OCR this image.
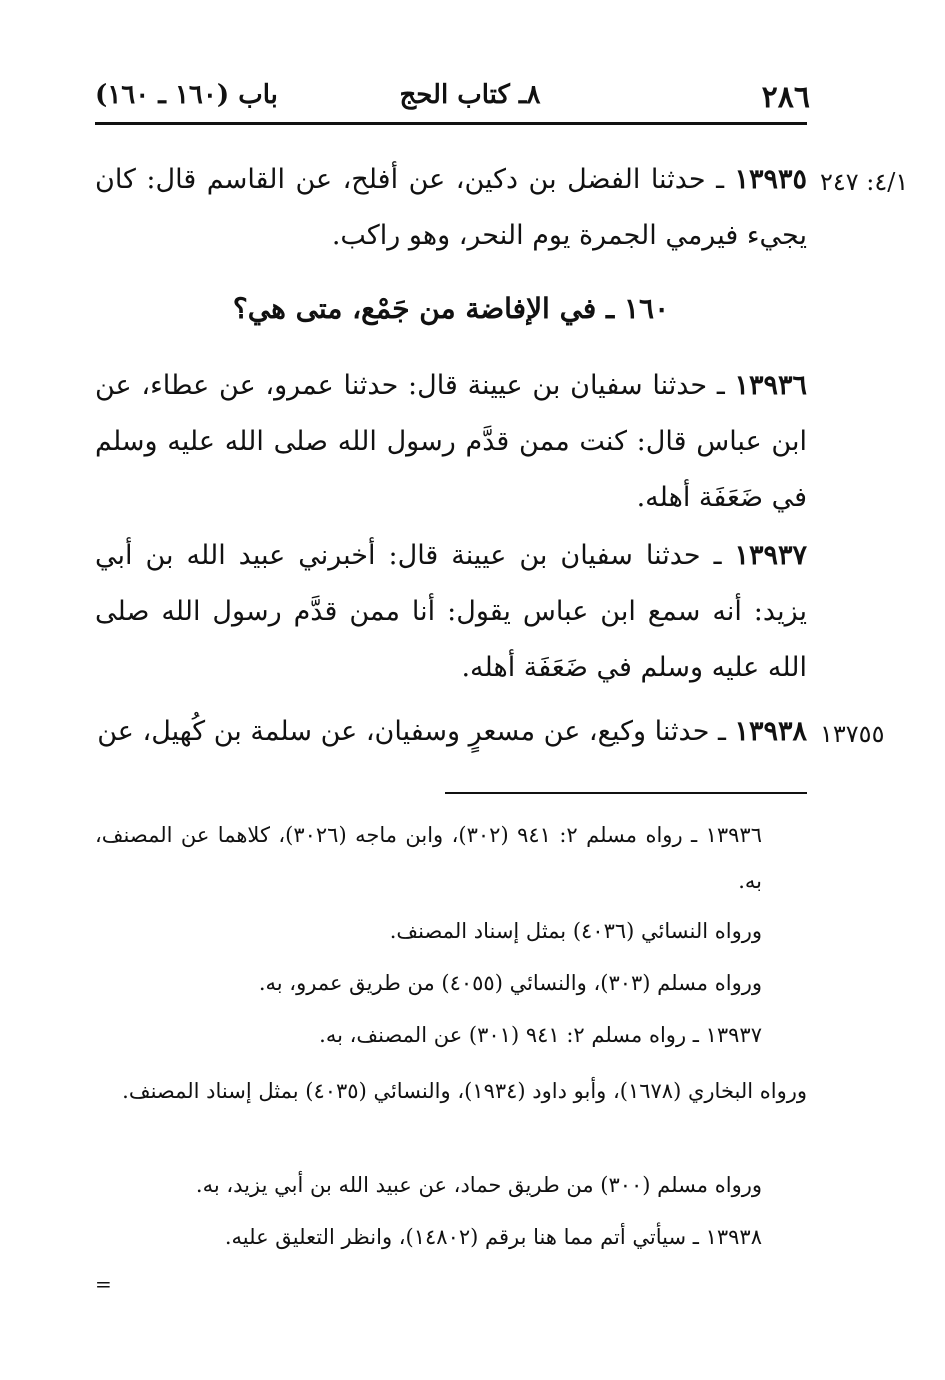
٢٨٦
٨ـ كتاب الحج
باب (١٦٠ ـ ١٦٠)
٤/١: ٢٤٧
١٣٩٣٥ ـ حدثنا الفضل بن دكين، عن أفلح، عن القاسم قال: كان يجيء فيرمي الجمرة يوم النحر، وهو راكب.
١٦٠ ـ في الإفاضة من جَمْع، متى هي؟
١٣٩٣٦ ـ حدثنا سفيان بن عيينة قال: حدثنا عمرو، عن عطاء، عن ابن عباس قال: كنت ممن قدَّم رسول الله صلى الله عليه وسلم في ضَعَفَة أهله.
١٣٩٣٧ ـ حدثنا سفيان بن عيينة قال: أخبرني عبيد الله بن أبي يزيد: أنه سمع ابن عباس يقول: أنا ممن قدَّم رسول الله صلى الله عليه وسلم في ضَعَفَة أهله.
١٣٧٥٥
١٣٩٣٨ ـ حدثنا وكيع، عن مسعرٍ وسفيان، عن سلمة بن كُهيل، عن
١٣٩٣٦ ـ رواه مسلم ٢: ٩٤١ (٣٠٢)، وابن ماجه (٣٠٢٦)، كلاهما عن المصنف، به.
ورواه النسائي (٤٠٣٦) بمثل إسناد المصنف.
ورواه مسلم (٣٠٣)، والنسائي (٤٠٥٥) من طريق عمرو، به.
١٣٩٣٧ ـ رواه مسلم ٢: ٩٤١ (٣٠١) عن المصنف، به.
ورواه البخاري (١٦٧٨)، وأبو داود (١٩٣٤)، والنسائي (٤٠٣٥) بمثل إسناد المصنف.
ورواه مسلم (٣٠٠) من طريق حماد، عن عبيد الله بن أبي يزيد، به.
١٣٩٣٨ ـ سيأتي أتم مما هنا برقم (١٤٨٠٢)، وانظر التعليق عليه.
=
